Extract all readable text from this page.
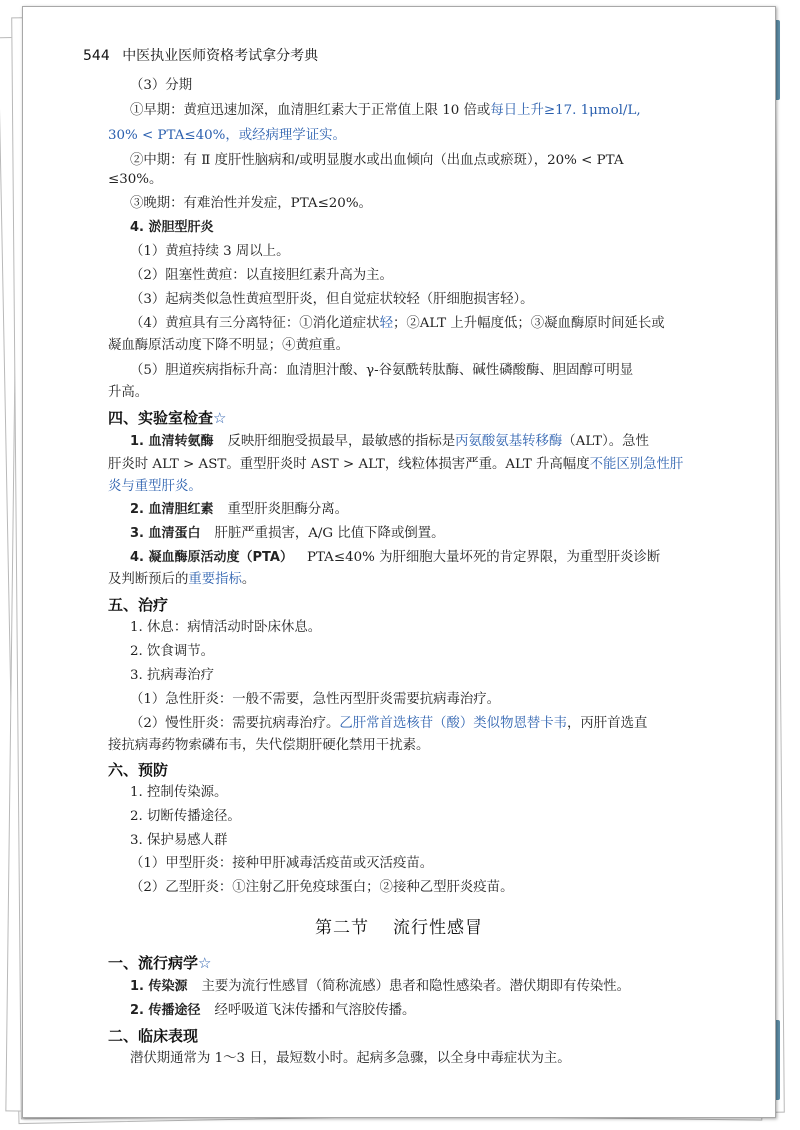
544 中医执业医师资格考试拿分考典
（3）分期
①早期：黄疸迅速加深，血清胆红素大于正常值上限 10 倍或每日上升≥17. 1μmol/L,
30% < PTA≤40%，或经病理学证实。
②中期：有 Ⅱ 度肝性脑病和/或明显腹水或出血倾向（出血点或瘀斑），20% < PTA
≤30%。
③晚期：有难治性并发症，PTA≤20%。
4. 淤胆型肝炎
（1）黄疸持续 3 周以上。
（2）阻塞性黄疸：以直接胆红素升高为主。
（3）起病类似急性黄疸型肝炎，但自觉症状较轻（肝细胞损害轻）。
（4）黄疸具有三分离特征：①消化道症状轻；②ALT 上升幅度低；③凝血酶原时间延长或
凝血酶原活动度下降不明显；④黄疸重。
（5）胆道疾病指标升高：血清胆汁酸、γ-谷氨酰转肽酶、碱性磷酸酶、胆固醇可明显
升高。
四、实验室检查☆
1. 血清转氨酶 反映肝细胞受损最早，最敏感的指标是丙氨酸氨基转移酶（ALT）。急性
肝炎时 ALT > AST。重型肝炎时 AST > ALT，线粒体损害严重。ALT 升高幅度不能区别急性肝
炎与重型肝炎。
2. 血清胆红素 重型肝炎胆酶分离。
3. 血清蛋白 肝脏严重损害，A/G 比值下降或倒置。
4. 凝血酶原活动度（PTA） PTA≤40% 为肝细胞大量坏死的肯定界限，为重型肝炎诊断
及判断预后的重要指标。
五、治疗
1. 休息：病情活动时卧床休息。
2. 饮食调节。
3. 抗病毒治疗
（1）急性肝炎：一般不需要，急性丙型肝炎需要抗病毒治疗。
（2）慢性肝炎：需要抗病毒治疗。乙肝常首选核苷（酸）类似物恩替卡韦，丙肝首选直
接抗病毒药物索磷布韦，失代偿期肝硬化禁用干扰素。
六、预防
1. 控制传染源。
2. 切断传播途径。
3. 保护易感人群
（1）甲型肝炎：接种甲肝减毒活疫苗或灭活疫苗。
（2）乙型肝炎：①注射乙肝免疫球蛋白；②接种乙型肝炎疫苗。
第二节 流行性感冒
一、流行病学☆
1. 传染源 主要为流行性感冒（简称流感）患者和隐性感染者。潜伏期即有传染性。
2. 传播途径 经呼吸道飞沫传播和气溶胶传播。
二、临床表现
潜伏期通常为 1～3 日，最短数小时。起病多急骤，以全身中毒症状为主。
